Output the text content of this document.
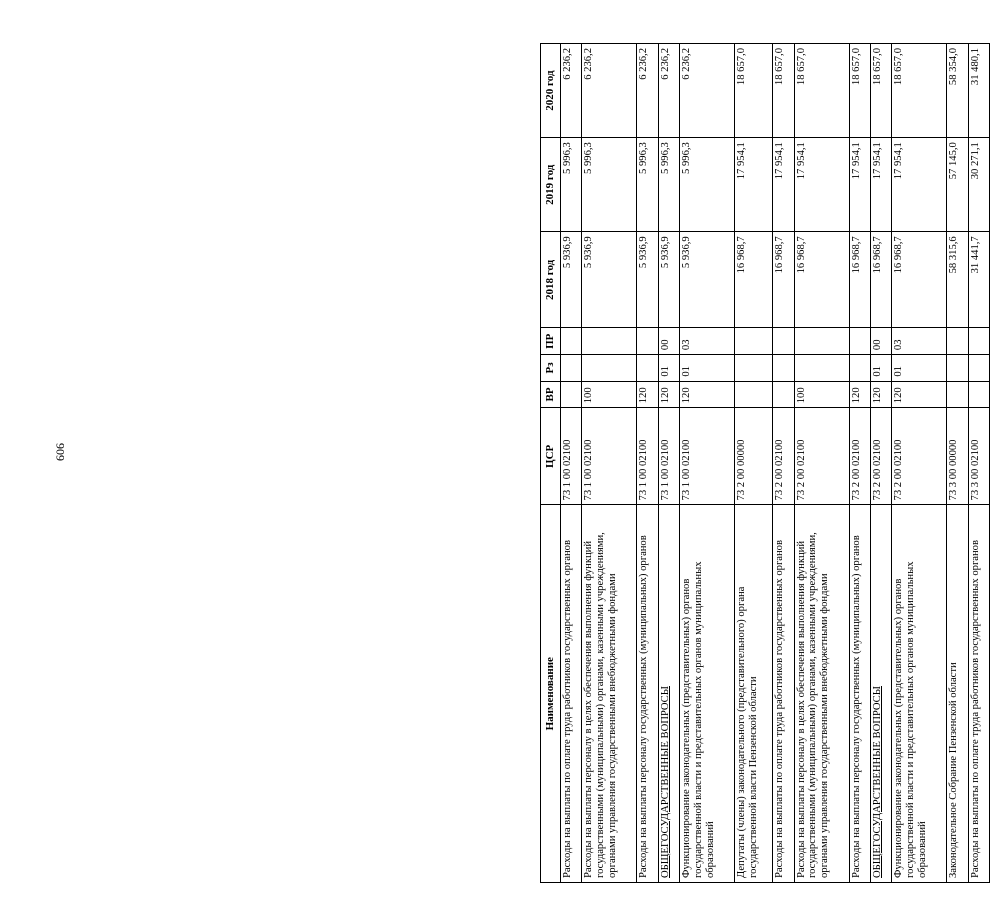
909
Наименование	ЦСР	ВР	Рз	ПР	2018 год	2019 год	2020 год
Расходы на выплаты по оплате труда работников государственных органов	73 1 00 02100				5 936,9	5 996,3	6 236,2
Расходы на выплаты персоналу в целях обеспечения выполнения функций государственными (муниципальными) органами, казенными учреждениями, органами управления государственными внебюджетными фондами	73 1 00 02100	100			5 936,9	5 996,3	6 236,2
Расходы на выплаты персоналу государственных (муниципальных) органов	73 1 00 02100	120			5 936,9	5 996,3	6 236,2
ОБЩЕГОСУДАРСТВЕННЫЕ ВОПРОСЫ	73 1 00 02100	120	01	00	5 936,9	5 996,3	6 236,2
Функционирование законодательных (представительных) органов государственной власти и представительных органов муниципальных образований	73 1 00 02100	120	01	03	5 936,9	5 996,3	6 236,2
Депутаты (члены) законодательного (представительного) органа государственной власти Пензенской области	73 2 00 00000				16 968,7	17 954,1	18 657,0
Расходы на выплаты по оплате труда работников государственных органов	73 2 00 02100				16 968,7	17 954,1	18 657,0
Расходы на выплаты персоналу в целях обеспечения выполнения функций государственными (муниципальными) органами, казенными учреждениями, органами управления государственными внебюджетными фондами	73 2 00 02100	100			16 968,7	17 954,1	18 657,0
Расходы на выплаты персоналу государственных (муниципальных) органов	73 2 00 02100	120			16 968,7	17 954,1	18 657,0
ОБЩЕГОСУДАРСТВЕННЫЕ ВОПРОСЫ	73 2 00 02100	120	01	00	16 968,7	17 954,1	18 657,0
Функционирование законодательных (представительных) органов государственной власти и представительных органов муниципальных образований	73 2 00 02100	120	01	03	16 968,7	17 954,1	18 657,0
Законодательное Собрание Пензенской области	73 3 00 00000				58 315,6	57 145,0	58 354,0
Расходы на выплаты по оплате труда работников государственных органов	73 3 00 02100				31 441,7	30 271,1	31 480,1
